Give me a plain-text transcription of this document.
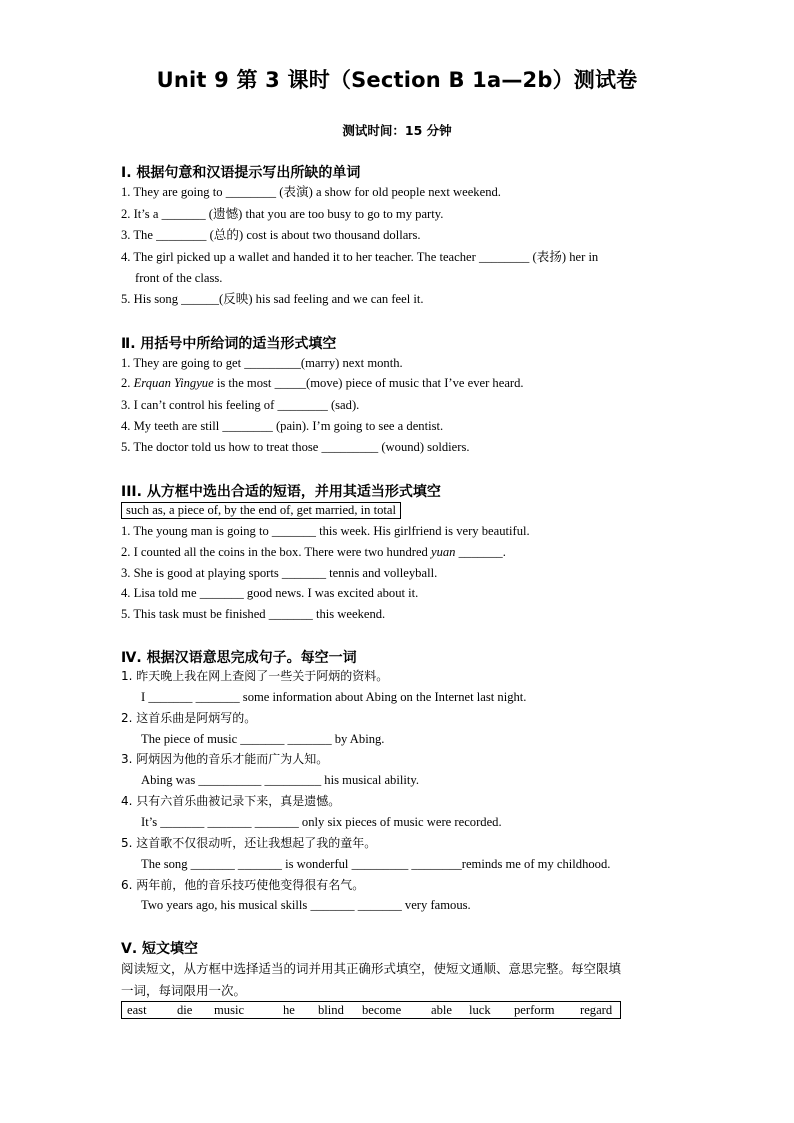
Unit 9 第 3 课时（Section B 1a—2b）测试卷
测试时间：15 分钟
Ⅰ. 根据句意和汉语提示写出所缺的单词
1. They are going to ________ (表演) a show for old people next weekend.
2. It’s a _______ (遗憾) that you are too busy to go to my party.
3. The ________ (总的) cost is about two thousand dollars.
4. The girl picked up a wallet and handed it to her teacher. The teacher ________ (表扬) her in
front of the class.
5. His song ______(反映) his sad feeling and we can feel it.
Ⅱ. 用括号中所给词的适当形式填空
1. They are going to get _________(marry) next month.
2. Erquan Yingyue is the most _____(move) piece of music that I’ve ever heard.
3. I can’t control his feeling of ________ (sad).
4. My teeth are still ________ (pain). I’m going to see a dentist.
5. The doctor told us how to treat those _________ (wound) soldiers.
III. 从方框中选出合适的短语，并用其适当形式填空
such as, a piece of, by the end of, get married, in total
1. The young man is going to _______ this week. His girlfriend is very beautiful.
2. I counted all the coins in the box. There were two hundred yuan _______.
3. She is good at playing sports _______ tennis and volleyball.
4. Lisa told me _______ good news. I was excited about it.
5. This task must be finished _______ this weekend.
Ⅳ. 根据汉语意思完成句子。每空一词
1. 昨天晚上我在网上查阅了一些关于阿炳的资料。
I _______ _______ some information about Abing on the Internet last night.
2. 这首乐曲是阿炳写的。
The piece of music _______ _______ by Abing.
3. 阿炳因为他的音乐才能而广为人知。
Abing was __________ _________ his musical ability.
4. 只有六首乐曲被记录下来，真是遗憾。
It’s _______ _______ _______ only six pieces of music were recorded.
5. 这首歌不仅很动听，还让我想起了我的童年。
The song _______ _______ is wonderful _________ ________reminds me of my childhood.
6. 两年前，他的音乐技巧使他变得很有名气。
Two years ago, his musical skills _______ _______ very famous.
Ⅴ. 短文填空
阅读短文，从方框中选择适当的词并用其正确形式填空，使短文通顺、意思完整。每空限填
一词，每词限用一次。
east die music	he blind become able luck perform regard
